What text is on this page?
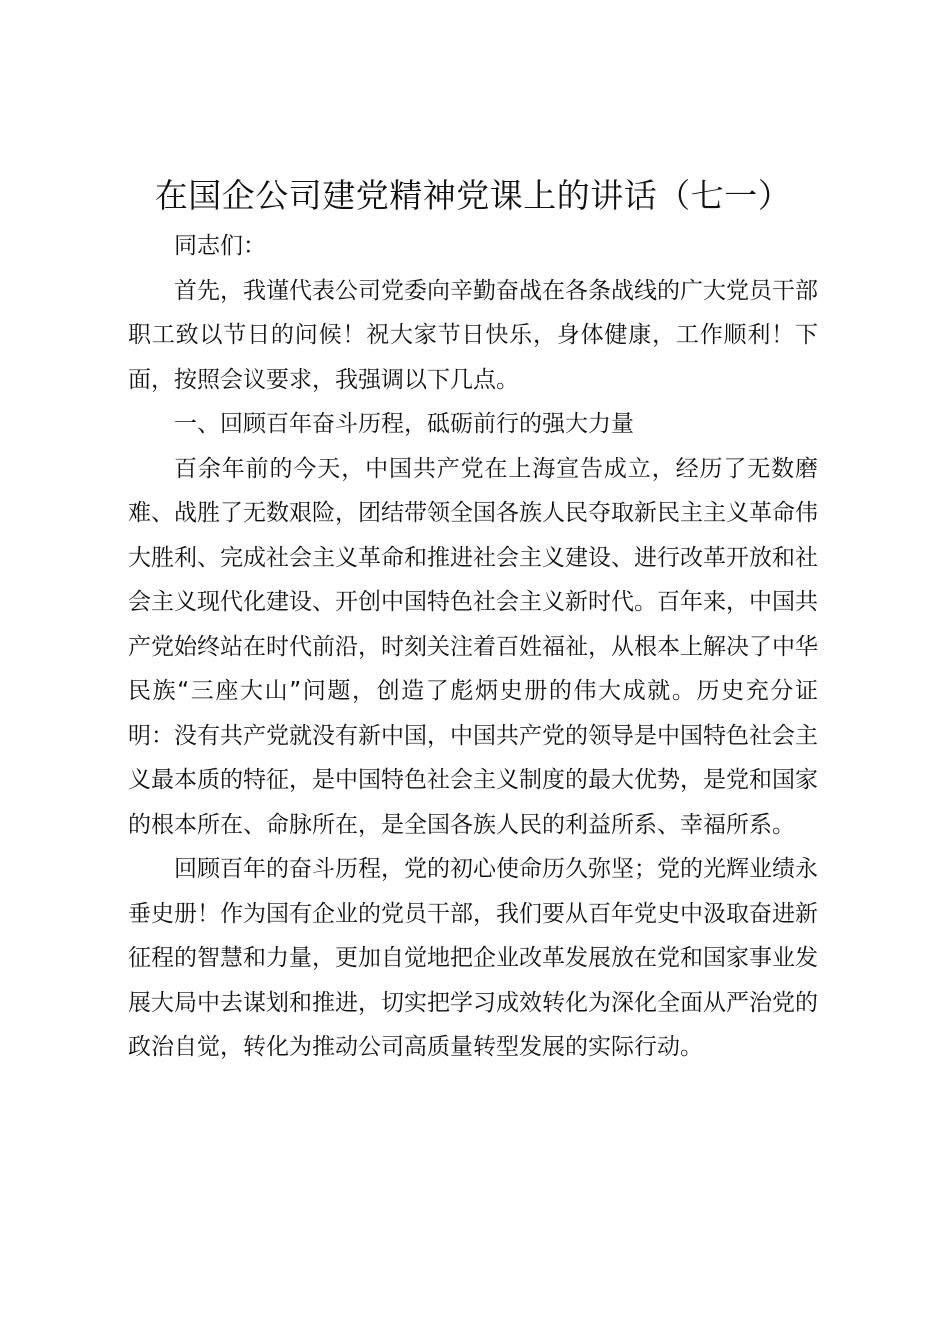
在国企公司建党精神党课上的讲话（七一）

同志们：

首先，我谨代表公司党委向辛勤奋战在各条战线的广大党员干部职工致以节日的问候！祝大家节日快乐，身体健康，工作顺利！下面，按照会议要求，我强调以下几点。

一、回顾百年奋斗历程，砥砺前行的强大力量

百余年前的今天，中国共产党在上海宣告成立，经历了无数磨难、战胜了无数艰险，团结带领全国各族人民夺取新民主主义革命伟大胜利、完成社会主义革命和推进社会主义建设、进行改革开放和社会主义现代化建设、开创中国特色社会主义新时代。百年来，中国共产党始终站在时代前沿，时刻关注着百姓福祉，从根本上解决了中华民族“三座大山”问题，创造了彪炳史册的伟大成就。历史充分证明：没有共产党就没有新中国，中国共产党的领导是中国特色社会主义最本质的特征，是中国特色社会主义制度的最大优势，是党和国家的根本所在、命脉所在，是全国各族人民的利益所系、幸福所系。

回顾百年的奋斗历程，党的初心使命历久弥坚；党的光辉业绩永垂史册！作为国有企业的党员干部，我们要从百年党史中汲取奋进新征程的智慧和力量，更加自觉地把企业改革发展放在党和国家事业发展大局中去谋划和推进，切实把学习成效转化为深化全面从严治党的政治自觉，转化为推动公司高质量转型发展的实际行动。
